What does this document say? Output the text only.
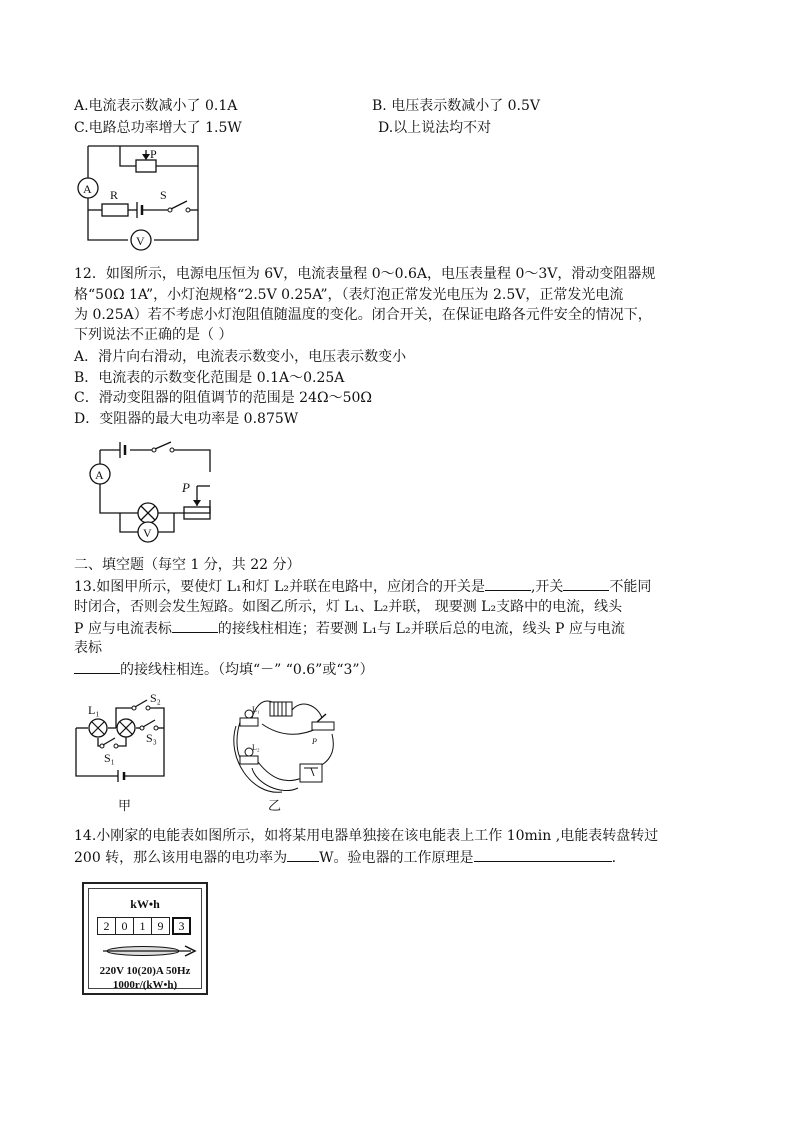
A.电流表示数减小了 0.1A	B. 电压表示数减小了 0.5V
C.电路总功率增大了 1.5W	D.以上说法均不对
P
A R	S
V
12．如图所示，电源电压恒为 6V，电流表量程 0～0.6A，电压表量程 0～3V，滑动变阻器规
格“50Ω 1A”，小灯泡规格“2.5V 0.25A”，（表灯泡正常发光电压为 2.5V，正常发光电流
为 0.25A）若不考虑小灯泡阻值随温度的变化。闭合开关，在保证电路各元件安全的情况下，
下列说法不正确的是（ ）
A．滑片向右滑动，电流表示数变小，电压表示数变小
B．电流表的示数变化范围是 0.1A～0.25A
C．滑动变阻器的阻值调节的范围是 24Ω～50Ω
D．变阻器的最大电功率是 0.875W
A
P
V
二、填空题（每空 1 分，共 22 分）
13.如图甲所示，要使灯 L₁和灯 L₂并联在电路中，应闭合的开关是	,开关	不能同
时闭合，否则会发生短路。如图乙所示，灯 L₁、L₂并联， 现要测 L₂支路中的电流，线头
P 应与电流表标	的接线柱相连；若要测 L₁与 L₂并联后总的电流，线头 P 应与电流
表标
的接线柱相连。（均填“－” “0.6”或“3”）
L₁
S₂
S₃
S₁
甲
L₁
L₂
P
乙
14.小刚家的电能表如图所示，如将某用电器单独接在该电能表上工作 10min ,电能表转盘转过
200 转，那么该用电器的电功率为 W。验电器的工作原理是	.
kW•h
2	0	1	9	3
220V 10(20)A 50Hz
1000r/(kW•h)
